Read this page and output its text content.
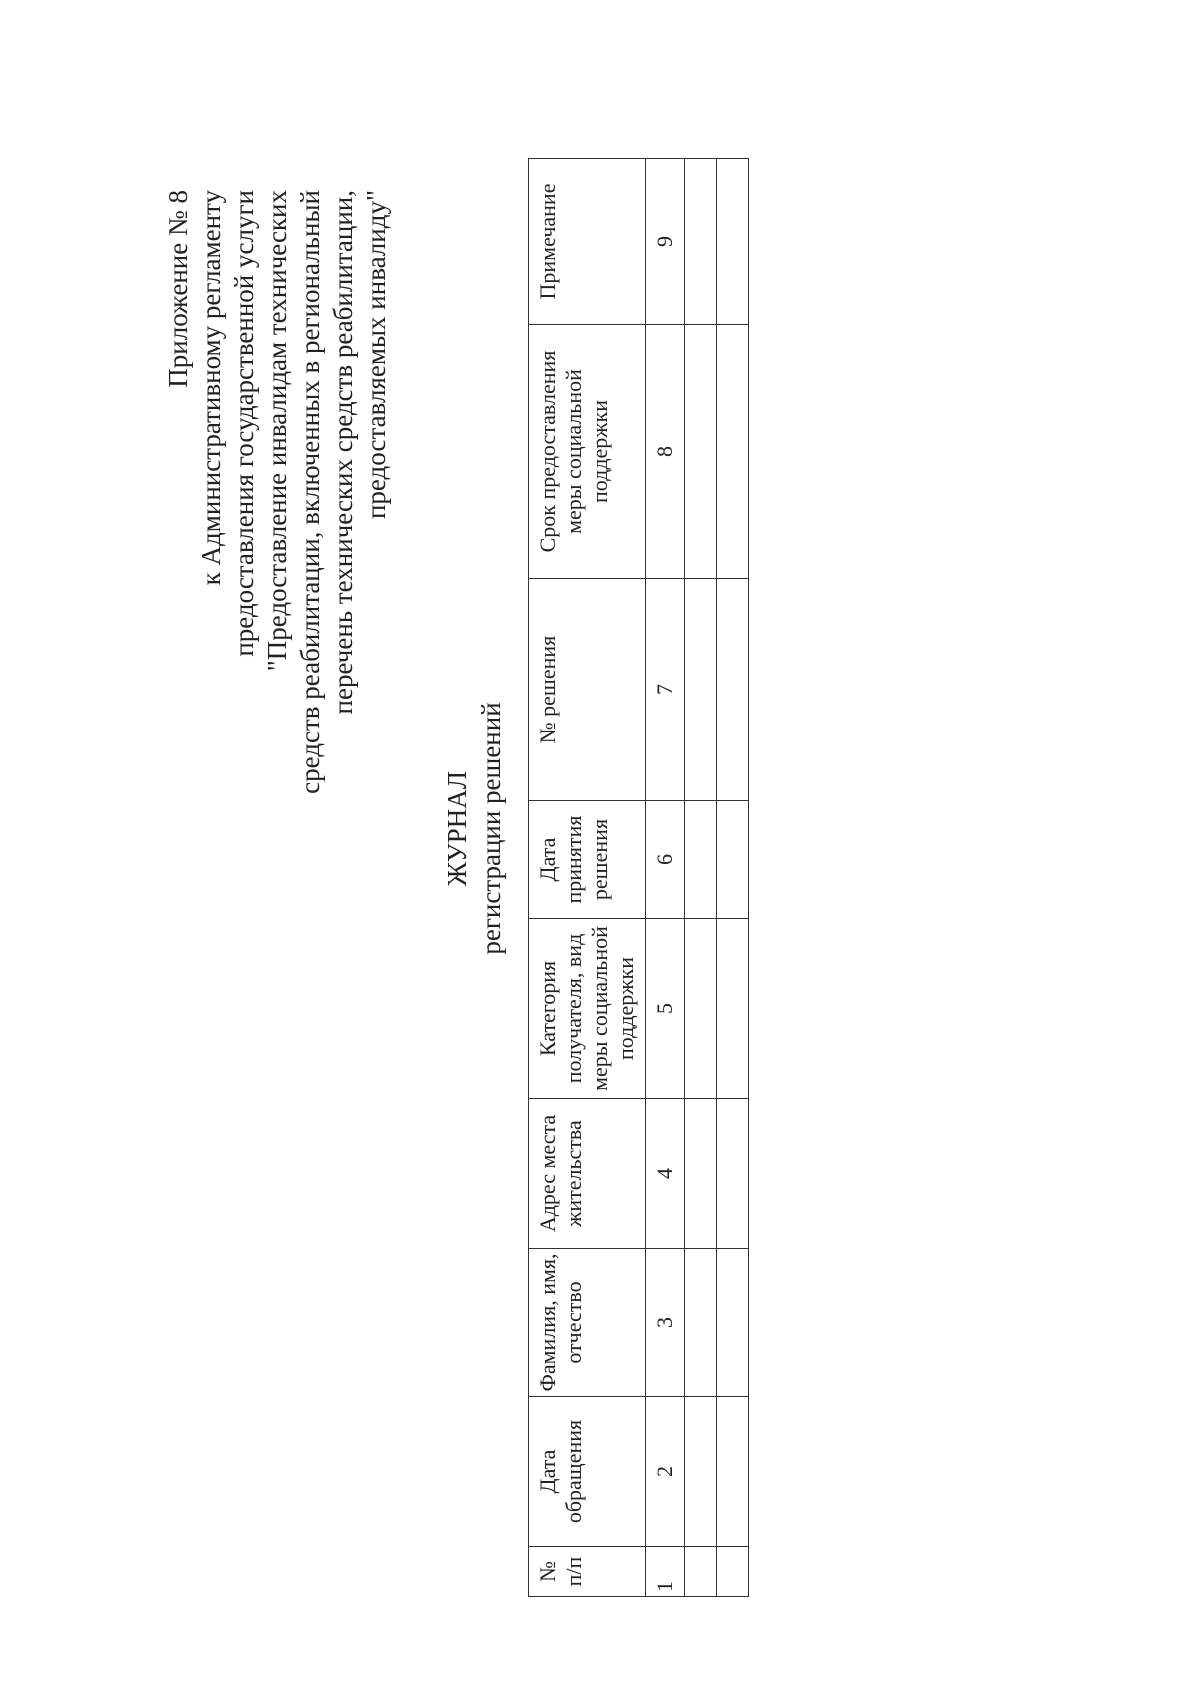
Приложение № 8 к Административному регламенту предоставления государственной услуги "Предоставление инвалидам технических средств реабилитации, включенных в региональный перечень технических средств реабилитации, предоставляемых инвалиду"
ЖУРНАЛ регистрации решений
№ п/п	Дата обращения	Фамилия, имя, отчество	Адрес места жительства	Категория получателя, вид меры социальной поддержки	Дата принятия решения	№ решения	Срок предоставления меры социальной поддержки	Примечание
1	2	3	4	5	6	7	8	9
